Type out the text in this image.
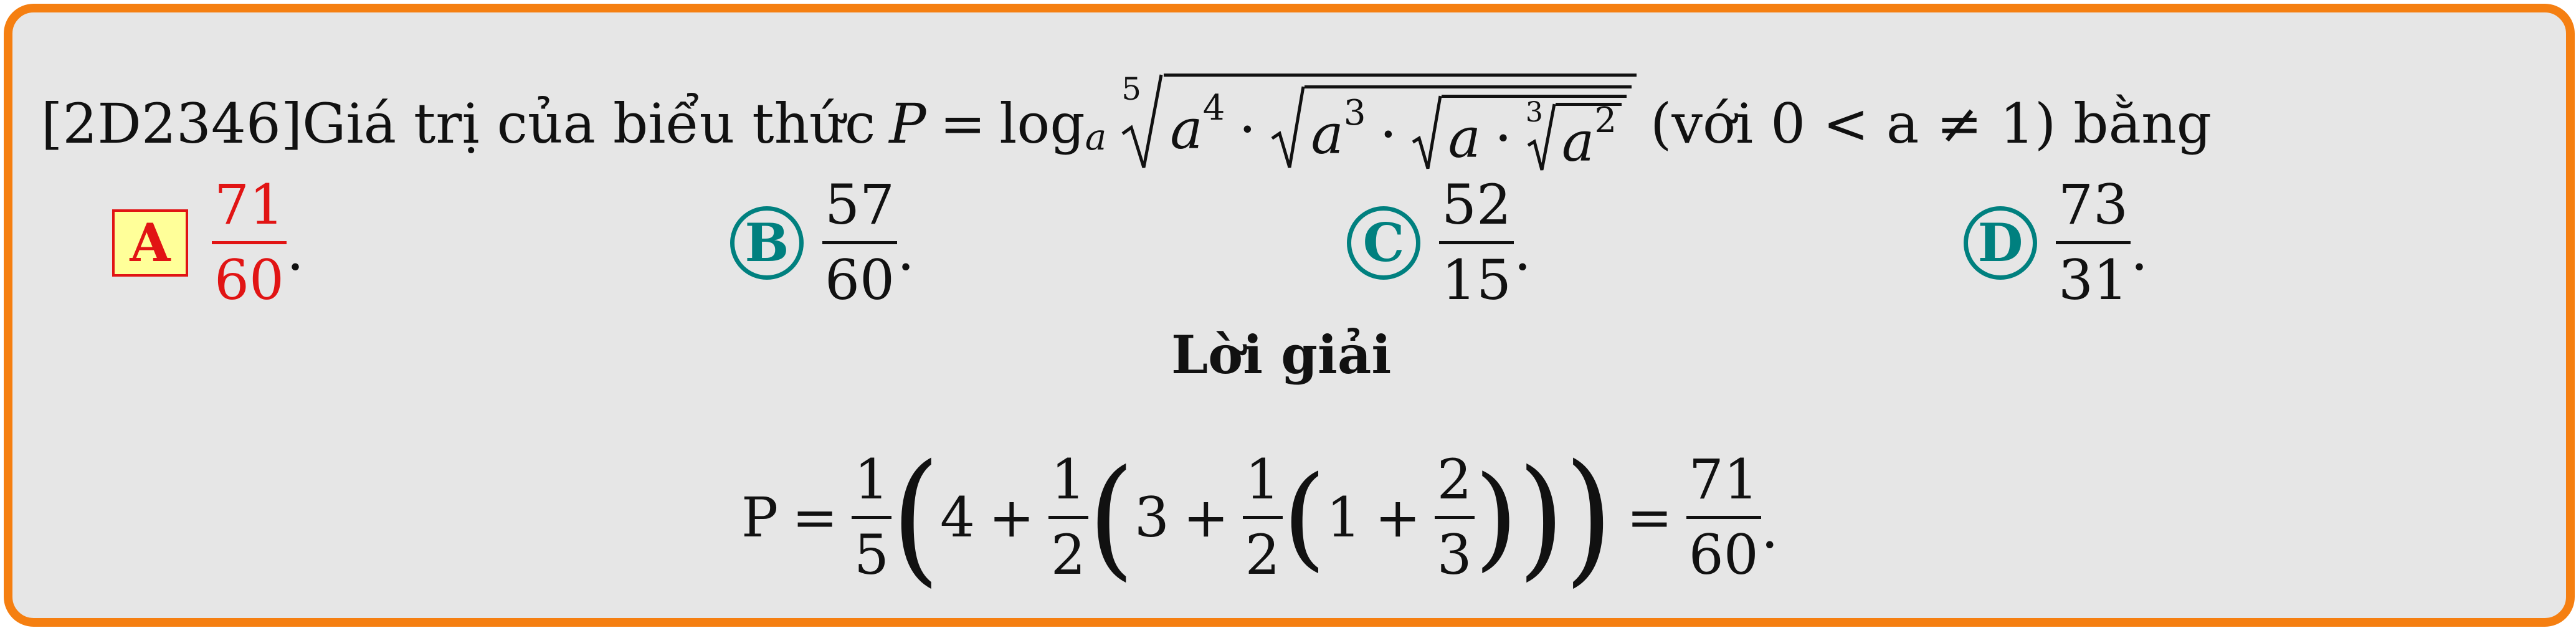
[2D2346] Giá trị của biểu thức P = log a
5
a 4 · a 3 · a · 3 a 2 (với 0 < a ≠ 1) bằng
A
71
60 .	B
57
60 .	C
52
15 .	D
73
31 .
Lời giải
P =
1
5 ( 4 +
1
2 ( 3 +
1
2 ( 1 +
2
3 ) ) ) =
71
60 .
